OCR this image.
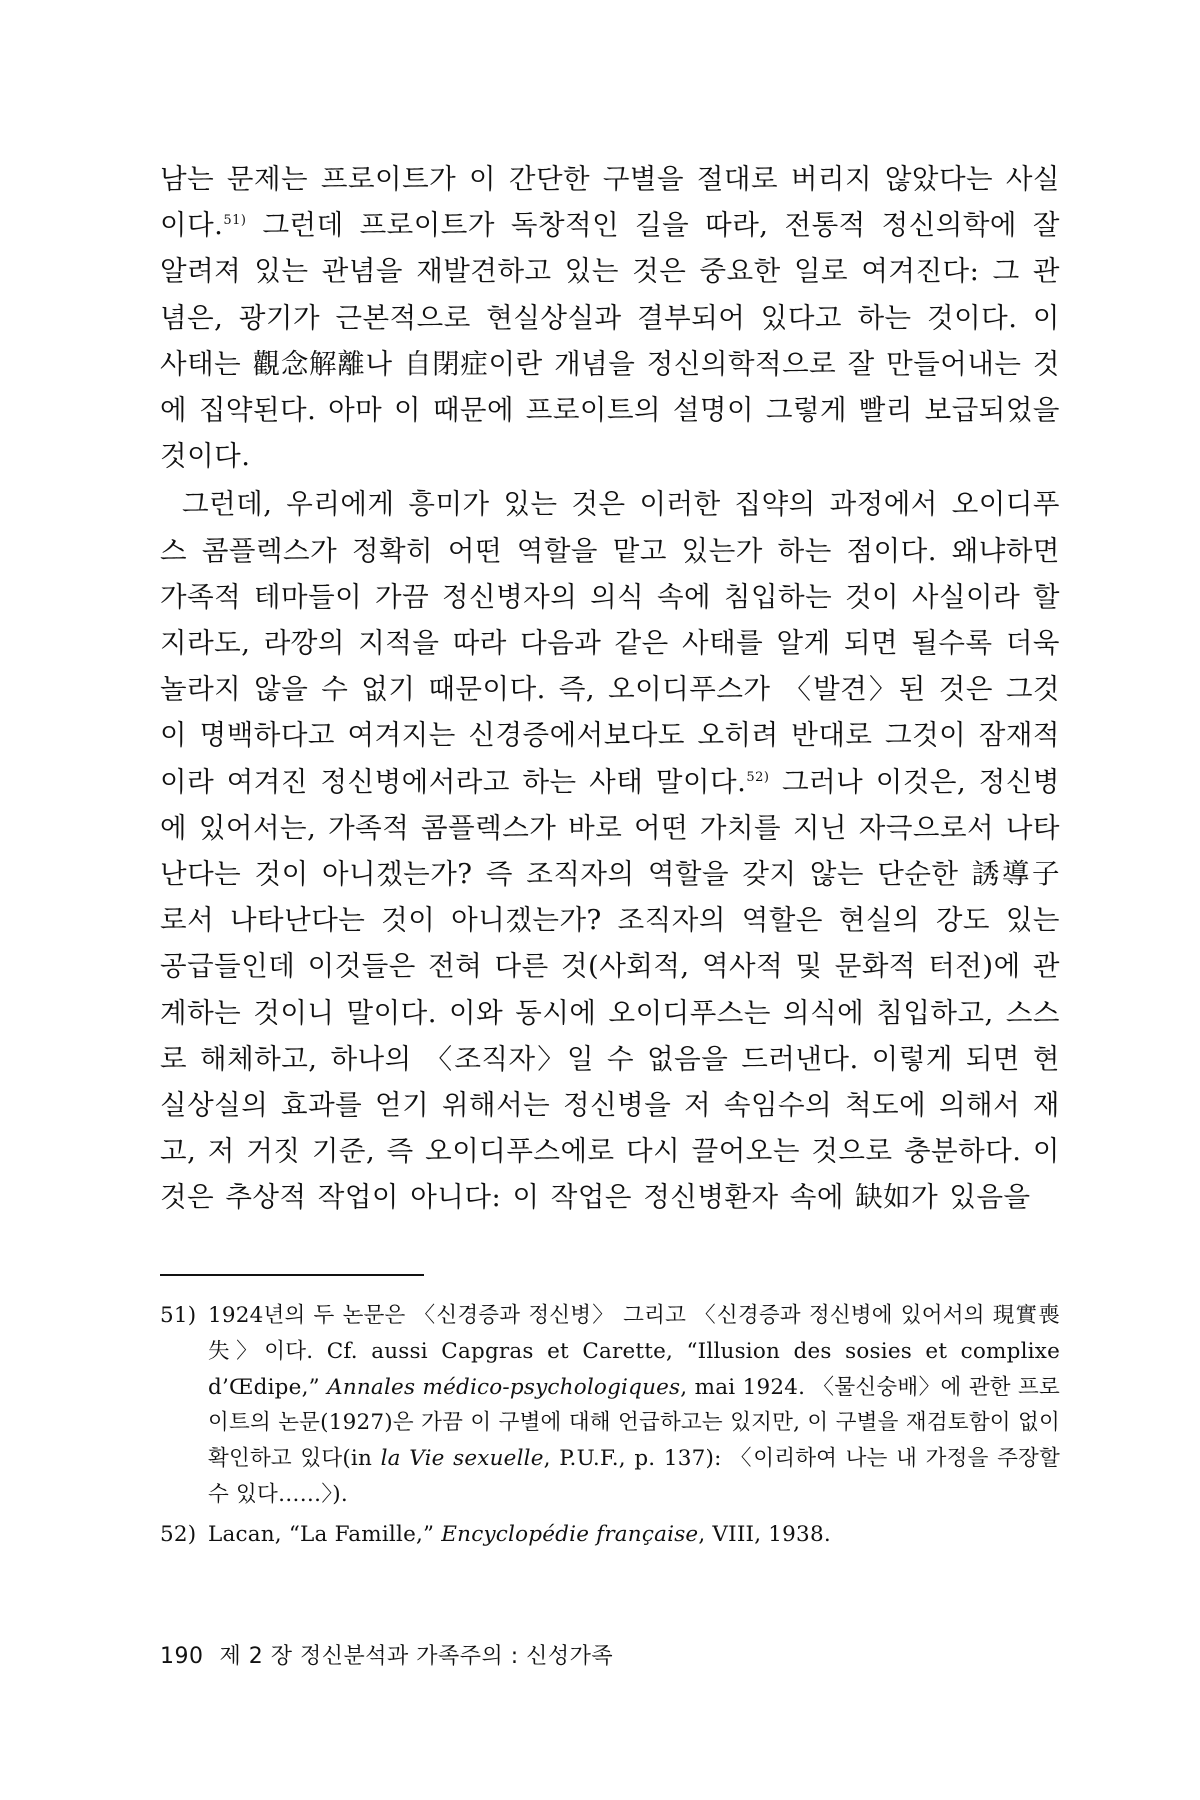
남는 문제는 프로이트가 이 간단한 구별을 절대로 버리지 않았다는 사실이다.$^{51)}$ 그런데 프로이트가 독창적인 길을 따라, 전통적 정신의학에 잘 알려져 있는 관념을 재발견하고 있는 것은 중요한 일로 여겨진다: 그 관념은, 광기가 근본적으로 현실상실과 결부되어 있다고 하는 것이다. 이 사태는 觀念解離나 自閉症이란 개념을 정신의학적으로 잘 만들어내는 것에 집약된다. 아마 이 때문에 프로이트의 설명이 그렇게 빨리 보급되었을 것이다.

그런데, 우리에게 흥미가 있는 것은 이러한 집약의 과정에서 오이디푸스 콤플렉스가 정확히 어떤 역할을 맡고 있는가 하는 점이다. 왜냐하면 가족적 테마들이 가끔 정신병자의 의식 속에 침입하는 것이 사실이라 할지라도, 라깡의 지적을 따라 다음과 같은 사태를 알게 되면 될수록 더욱 놀라지 않을 수 없기 때문이다. 즉, 오이디푸스가 〈발견〉된 것은 그것이 명백하다고 여겨지는 신경증에서보다도 오히려 반대로 그것이 잠재적이라 여겨진 정신병에서라고 하는 사태 말이다.$^{52)}$ 그러나 이것은, 정신병에 있어서는, 가족적 콤플렉스가 바로 어떤 가치를 지닌 자극으로서 나타난다는 것이 아니겠는가? 즉 조직자의 역할을 갖지 않는 단순한 誘導子로서 나타난다는 것이 아니겠는가? 조직자의 역할은 현실의 강도 있는 공급들인데 이것들은 전혀 다른 것(사회적, 역사적 및 문화적 터전)에 관계하는 것이니 말이다. 이와 동시에 오이디푸스는 의식에 침입하고, 스스로 해체하고, 하나의 〈조직자〉일 수 없음을 드러낸다. 이렇게 되면 현실상실의 효과를 얻기 위해서는 정신병을 저 속임수의 척도에 의해서 재고, 저 거짓 기준, 즉 오이디푸스에로 다시 끌어오는 것으로 충분하다. 이것은 추상적 작업이 아니다: 이 작업은 정신병환자 속에 缺如가 있음을

51) 1924년의 두 논문은 〈신경증과 정신병〉 그리고 〈신경증과 정신병에 있어서의 現實喪失〉이다. Cf. aussi Capgras et Carette, “Illusion des sosies et complixe d’Œdipe,” Annales médico-psychologiques, mai 1924. 〈물신숭배〉에 관한 프로이트의 논문(1927)은 가끔 이 구별에 대해 언급하고는 있지만, 이 구별을 재검토함이 없이 확인하고 있다(in la Vie sexuelle, P.U.F., p. 137): 〈이리하여 나는 내 가정을 주장할 수 있다……〉).
52) Lacan, “La Famille,” Encyclopédie française, VIII, 1938.
190 제 2 장 정신분석과 가족주의 : 신성가족
